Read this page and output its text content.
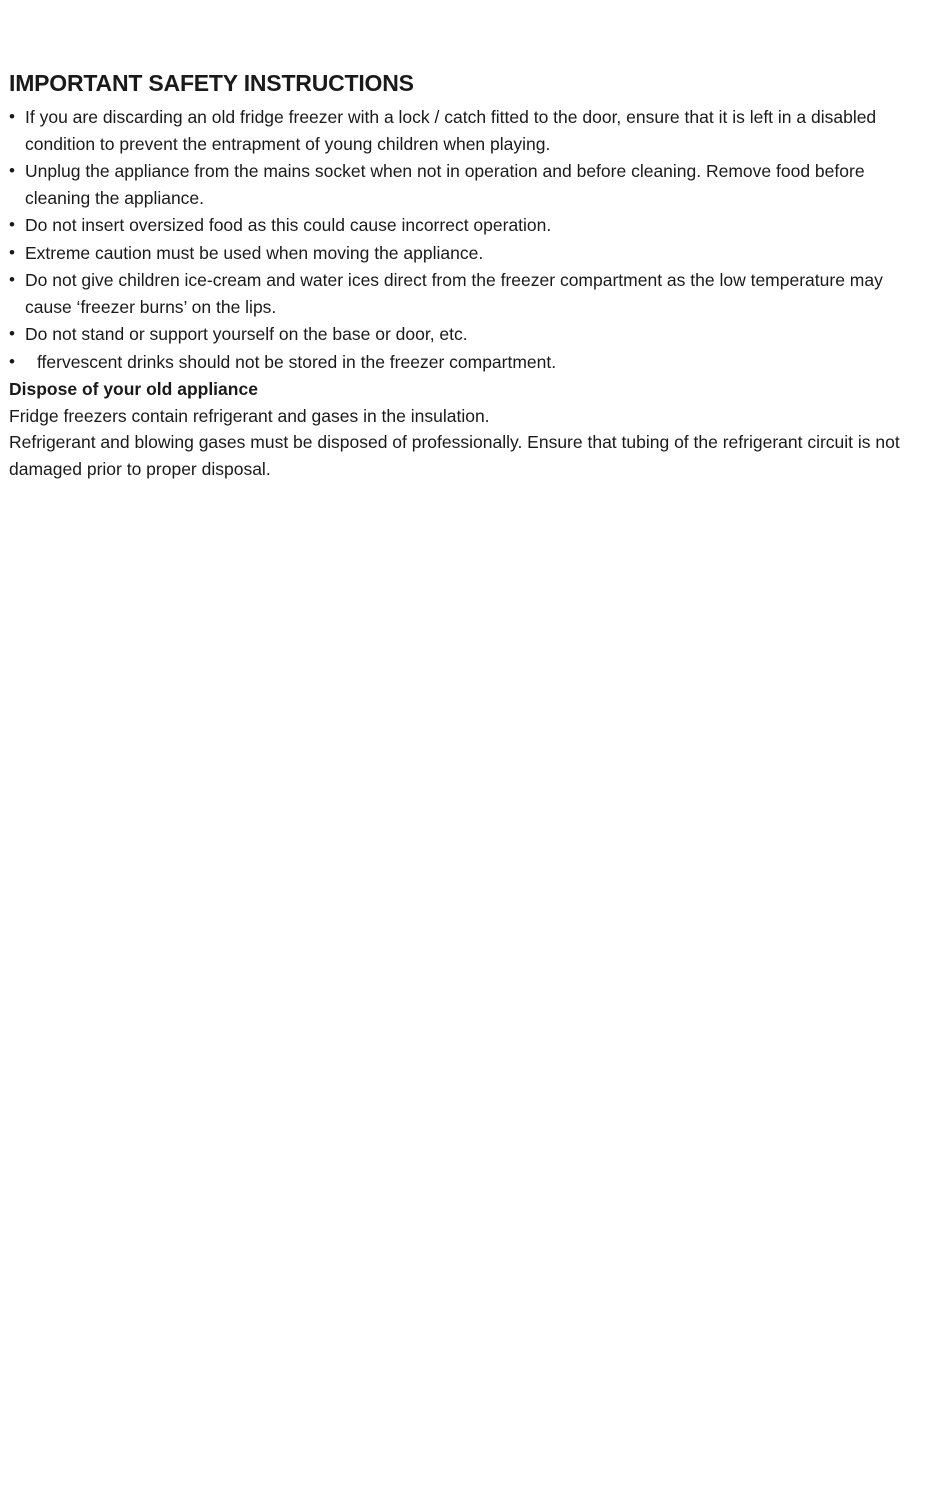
IMPORTANT SAFETY INSTRUCTIONS
• If you are discarding an old fridge freezer with a lock / catch fitted to the door, ensure that it is left in a disabled condition to prevent the entrapment of young children when playing.
• Unplug the appliance from the mains socket when not in operation and before cleaning. Remove food before cleaning the appliance.
• Do not insert oversized food as this could cause incorrect operation.
• Extreme caution must be used when moving the appliance.
• Do not give children ice-cream and water ices direct from the freezer compartment as the low temperature may cause ‘freezer burns’ on the lips.
• Do not stand or support yourself on the base or door, etc.
• ffervescent drinks should not be stored in the freezer compartment.
Dispose of your old appliance

Fridge freezers contain refrigerant and gases in the insulation.

Refrigerant and blowing gases must be disposed of professionally. Ensure that tubing of the refrigerant circuit is not damaged prior to proper disposal.
